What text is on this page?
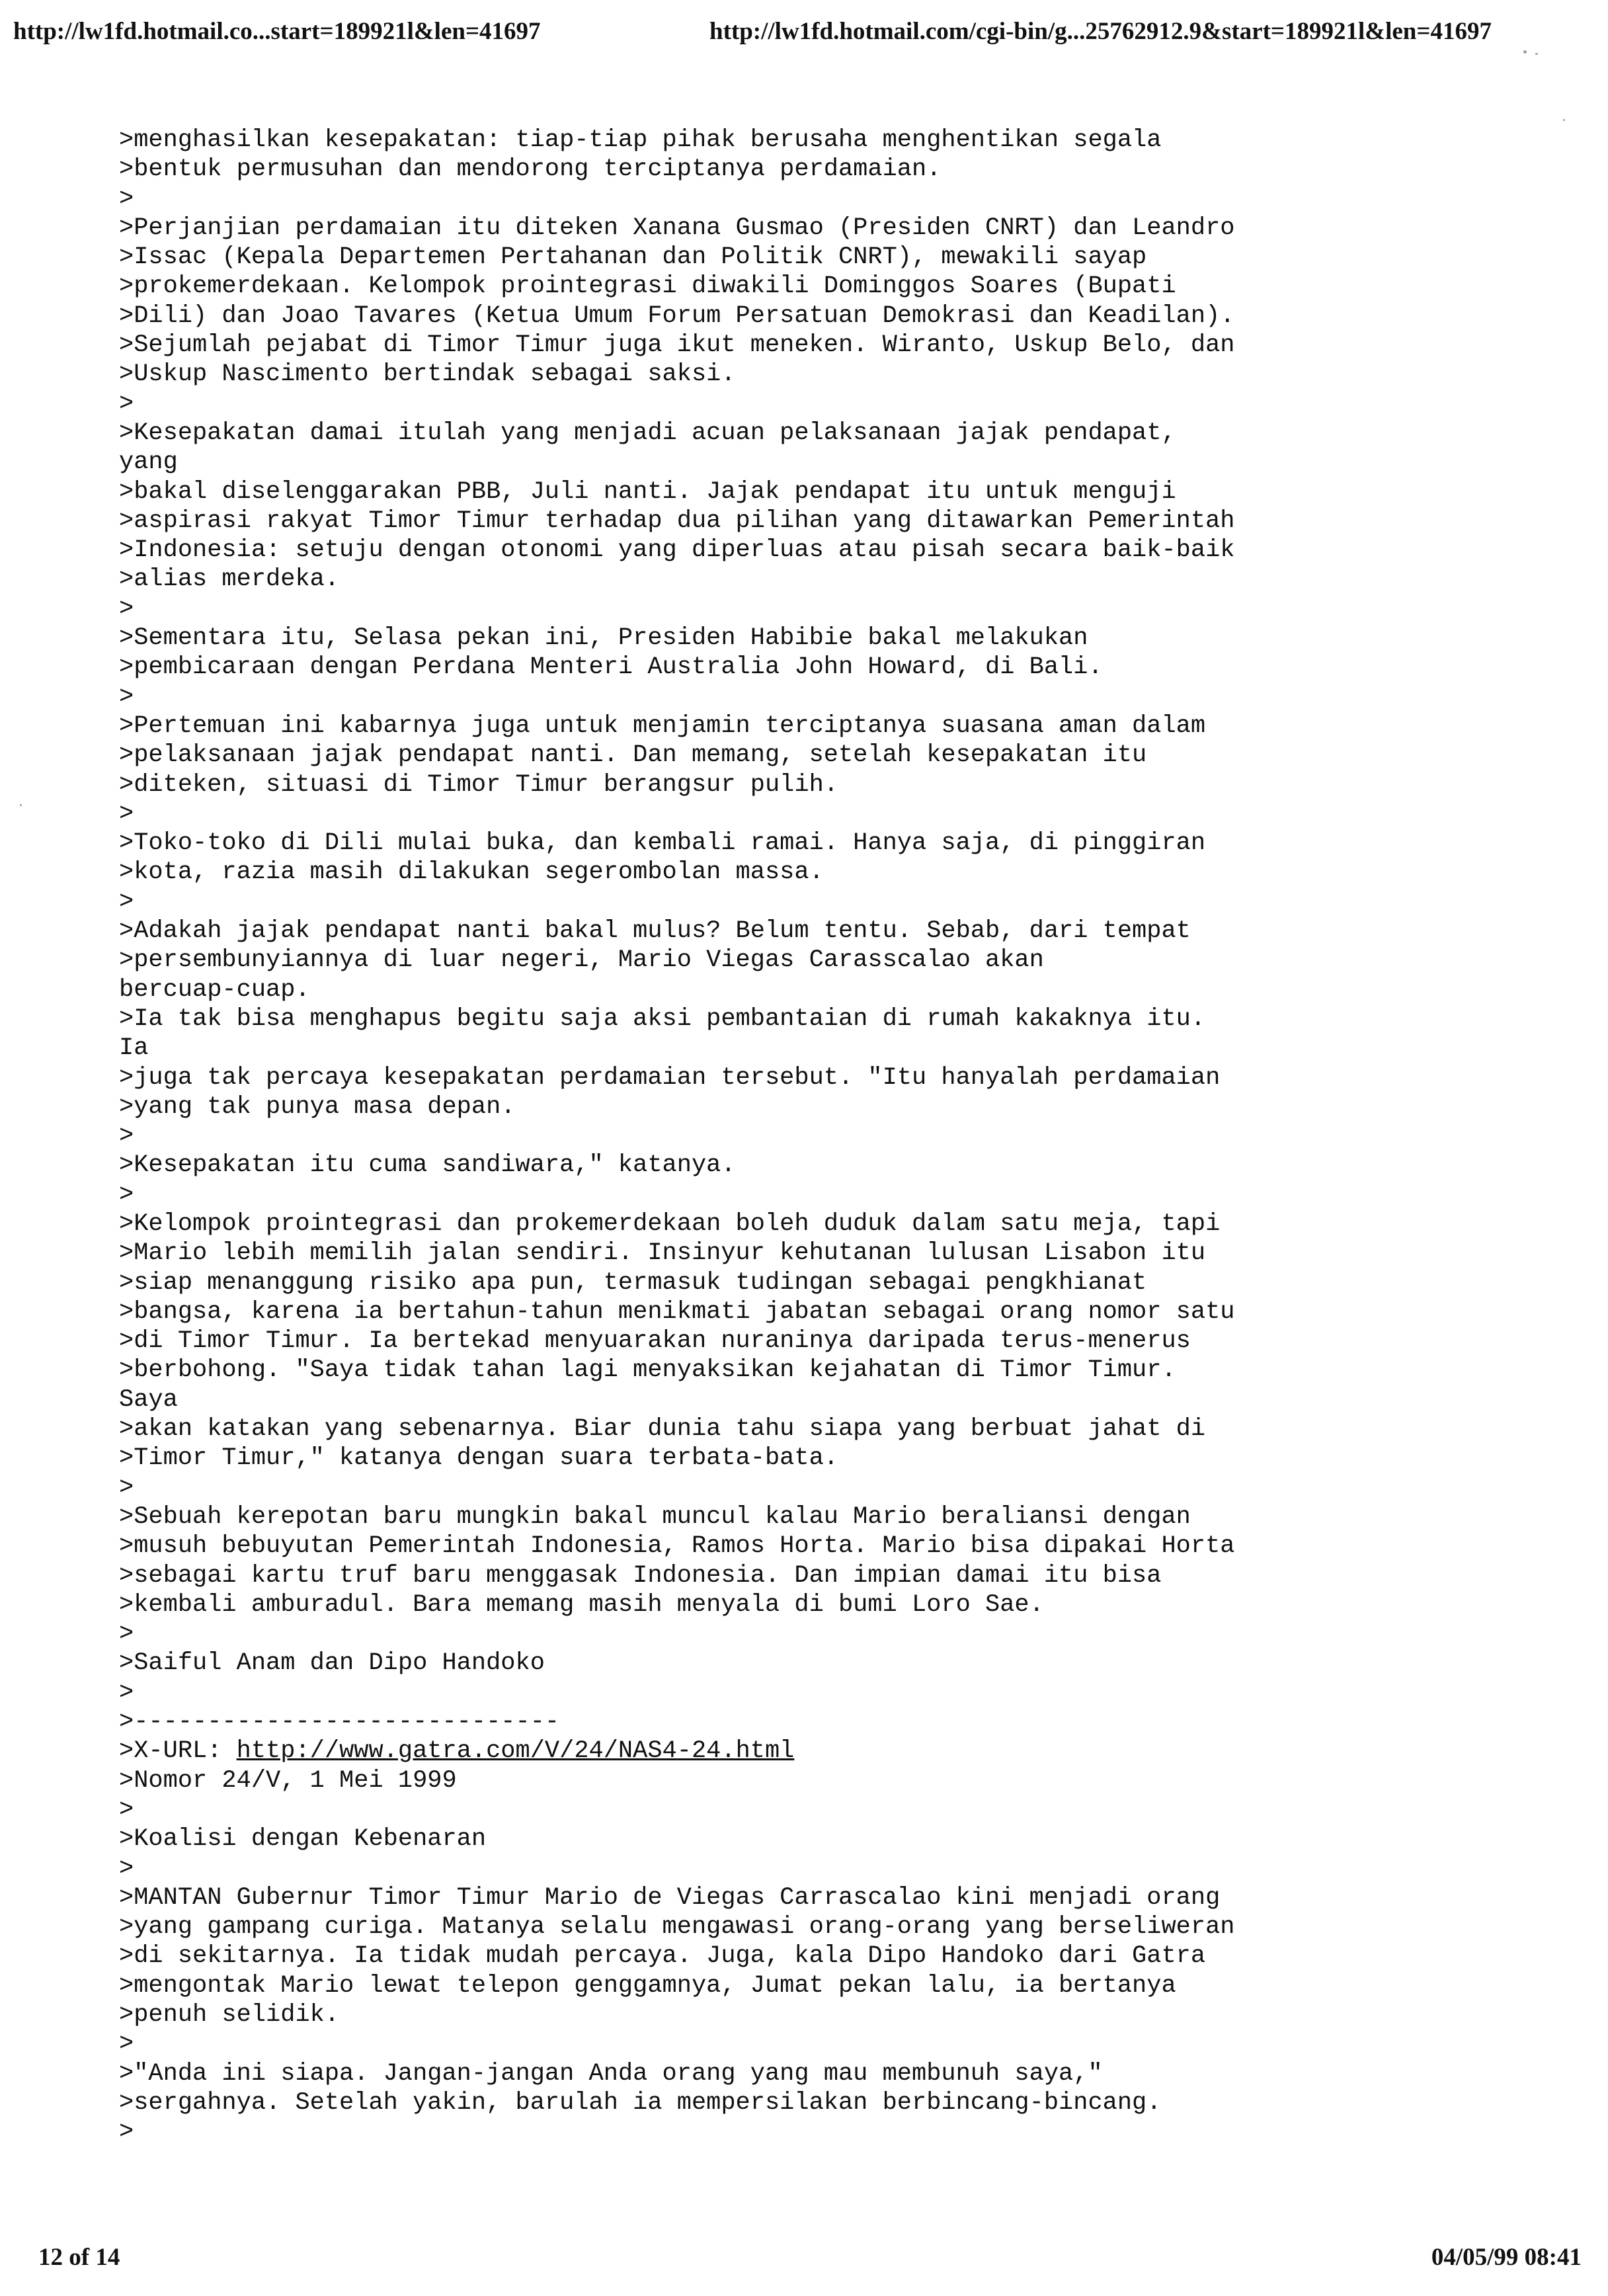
http://lw1fd.hotmail.co...start=189921l&len=41697	http://lw1fd.hotmail.com/cgi-bin/g...25762912.9&start=189921l&len=41697
>menghasilkan kesepakatan: tiap-tiap pihak berusaha menghentikan segala
>bentuk permusuhan dan mendorong terciptanya perdamaian.
>
>Perjanjian perdamaian itu diteken Xanana Gusmao (Presiden CNRT) dan Leandro
>Issac (Kepala Departemen Pertahanan dan Politik CNRT), mewakili sayap
>prokemerdekaan. Kelompok prointegrasi diwakili Dominggos Soares (Bupati
>Dili) dan Joao Tavares (Ketua Umum Forum Persatuan Demokrasi dan Keadilan).
>Sejumlah pejabat di Timor Timur juga ikut meneken. Wiranto, Uskup Belo, dan
>Uskup Nascimento bertindak sebagai saksi.
>
>Kesepakatan damai itulah yang menjadi acuan pelaksanaan jajak pendapat,
yang
>bakal diselenggarakan PBB, Juli nanti. Jajak pendapat itu untuk menguji
>aspirasi rakyat Timor Timur terhadap dua pilihan yang ditawarkan Pemerintah
>Indonesia: setuju dengan otonomi yang diperluas atau pisah secara baik-baik
>alias merdeka.
>
>Sementara itu, Selasa pekan ini, Presiden Habibie bakal melakukan
>pembicaraan dengan Perdana Menteri Australia John Howard, di Bali.
>
>Pertemuan ini kabarnya juga untuk menjamin terciptanya suasana aman dalam
>pelaksanaan jajak pendapat nanti. Dan memang, setelah kesepakatan itu
>diteken, situasi di Timor Timur berangsur pulih.
>
>Toko-toko di Dili mulai buka, dan kembali ramai. Hanya saja, di pinggiran
>kota, razia masih dilakukan segerombolan massa.
>
>Adakah jajak pendapat nanti bakal mulus? Belum tentu. Sebab, dari tempat
>persembunyiannya di luar negeri, Mario Viegas Carasscalao akan
bercuap-cuap.
>Ia tak bisa menghapus begitu saja aksi pembantaian di rumah kakaknya itu.
Ia
>juga tak percaya kesepakatan perdamaian tersebut. "Itu hanyalah perdamaian
>yang tak punya masa depan.
>
>Kesepakatan itu cuma sandiwara," katanya.
>
>Kelompok prointegrasi dan prokemerdekaan boleh duduk dalam satu meja, tapi
>Mario lebih memilih jalan sendiri. Insinyur kehutanan lulusan Lisabon itu
>siap menanggung risiko apa pun, termasuk tudingan sebagai pengkhianat
>bangsa, karena ia bertahun-tahun menikmati jabatan sebagai orang nomor satu
>di Timor Timur. Ia bertekad menyuarakan nuraninya daripada terus-menerus
>berbohong. "Saya tidak tahan lagi menyaksikan kejahatan di Timor Timur.
Saya
>akan katakan yang sebenarnya. Biar dunia tahu siapa yang berbuat jahat di
>Timor Timur," katanya dengan suara terbata-bata.
>
>Sebuah kerepotan baru mungkin bakal muncul kalau Mario beraliansi dengan
>musuh bebuyutan Pemerintah Indonesia, Ramos Horta. Mario bisa dipakai Horta
>sebagai kartu truf baru menggasak Indonesia. Dan impian damai itu bisa
>kembali amburadul. Bara memang masih menyala di bumi Loro Sae.
>
>Saiful Anam dan Dipo Handoko
>
>-----------------------------
>X-URL: http://www.gatra.com/V/24/NAS4-24.html
>Nomor 24/V, 1 Mei 1999
>
>Koalisi dengan Kebenaran
>
>MANTAN Gubernur Timor Timur Mario de Viegas Carrascalao kini menjadi orang
>yang gampang curiga. Matanya selalu mengawasi orang-orang yang berseliweran
>di sekitarnya. Ia tidak mudah percaya. Juga, kala Dipo Handoko dari Gatra
>mengontak Mario lewat telepon genggamnya, Jumat pekan lalu, ia bertanya
>penuh selidik.
>
>"Anda ini siapa. Jangan-jangan Anda orang yang mau membunuh saya,"
>sergahnya. Setelah yakin, barulah ia mempersilakan berbincang-bincang.
>
12 of 14	04/05/99 08:41
